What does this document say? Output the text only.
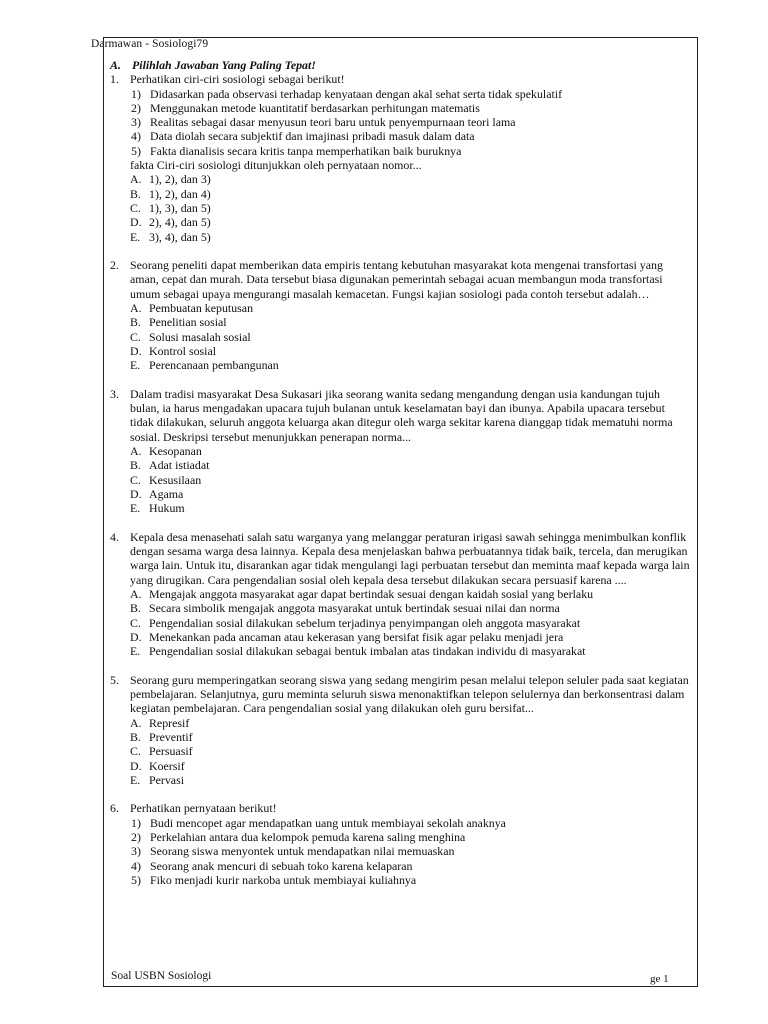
Darmawan - Sosiologi79
A. Pilihlah Jawaban Yang Paling Tepat!
1. Perhatikan ciri-ciri sosiologi sebagai berikut!
1) Didasarkan pada observasi terhadap kenyataan dengan akal sehat serta tidak spekulatif
2) Menggunakan metode kuantitatif berdasarkan perhitungan matematis
3) Realitas sebagai dasar menyusun teori baru untuk penyempurnaan teori lama
4) Data diolah secara subjektif dan imajinasi pribadi masuk dalam data
5) Fakta dianalisis secara kritis tanpa memperhatikan baik buruknya
fakta Ciri-ciri sosiologi ditunjukkan oleh pernyataan nomor...
A. 1), 2), dan 3)
B. 1), 2), dan 4)
C. 1), 3), dan 5)
D. 2), 4), dan 5)
E. 3), 4), dan 5)
2. Seorang peneliti dapat memberikan data empiris tentang kebutuhan masyarakat kota mengenai transfortasi yang aman, cepat dan murah. Data tersebut biasa digunakan pemerintah sebagai acuan membangun moda transfortasi umum sebagai upaya mengurangi masalah kemacetan. Fungsi kajian sosiologi pada contoh tersebut adalah…
A. Pembuatan keputusan
B. Penelitian sosial
C. Solusi masalah sosial
D. Kontrol sosial
E. Perencanaan pembangunan
3. Dalam tradisi masyarakat Desa Sukasari jika seorang wanita sedang mengandung dengan usia kandungan tujuh bulan, ia harus mengadakan upacara tujuh bulanan untuk keselamatan bayi dan ibunya. Apabila upacara tersebut tidak dilakukan, seluruh anggota keluarga akan ditegur oleh warga sekitar karena dianggap tidak mematuhi norma sosial. Deskripsi tersebut menunjukkan penerapan norma...
A. Kesopanan
B. Adat istiadat
C. Kesusilaan
D. Agama
E. Hukum
4. Kepala desa menasehati salah satu warganya yang melanggar peraturan irigasi sawah sehingga menimbulkan konflik dengan sesama warga desa lainnya. Kepala desa menjelaskan bahwa perbuatannya tidak baik, tercela, dan merugikan warga lain. Untuk itu, disarankan agar tidak mengulangi lagi perbuatan tersebut dan meminta maaf kepada warga lain yang dirugikan. Cara pengendalian sosial oleh kepala desa tersebut dilakukan secara persuasif karena ....
A. Mengajak anggota masyarakat agar dapat bertindak sesuai dengan kaidah sosial yang berlaku
B. Secara simbolik mengajak anggota masyarakat untuk bertindak sesuai nilai dan norma
C. Pengendalian sosial dilakukan sebelum terjadinya penyimpangan oleh anggota masyarakat
D. Menekankan pada ancaman atau kekerasan yang bersifat fisik agar pelaku menjadi jera
E. Pengendalian sosial dilakukan sebagai bentuk imbalan atas tindakan individu di masyarakat
5. Seorang guru memperingatkan seorang siswa yang sedang mengirim pesan melalui telepon seluler pada saat kegiatan pembelajaran. Selanjutnya, guru meminta seluruh siswa menonaktifkan telepon selulernya dan berkonsentrasi dalam kegiatan pembelajaran. Cara pengendalian sosial yang dilakukan oleh guru bersifat...
A. Represif
B. Preventif
C. Persuasif
D. Koersif
E. Pervasi
6. Perhatikan pernyataan berikut!
1) Budi mencopet agar mendapatkan uang untuk membiayai sekolah anaknya
2) Perkelahian antara dua kelompok pemuda karena saling menghina
3) Seorang siswa menyontek untuk mendapatkan nilai memuaskan
4) Seorang anak mencuri di sebuah toko karena kelaparan
5) Fiko menjadi kurir narkoba untuk membiayai kuliahnya
Soal USBN Sosiologi	ge 1
